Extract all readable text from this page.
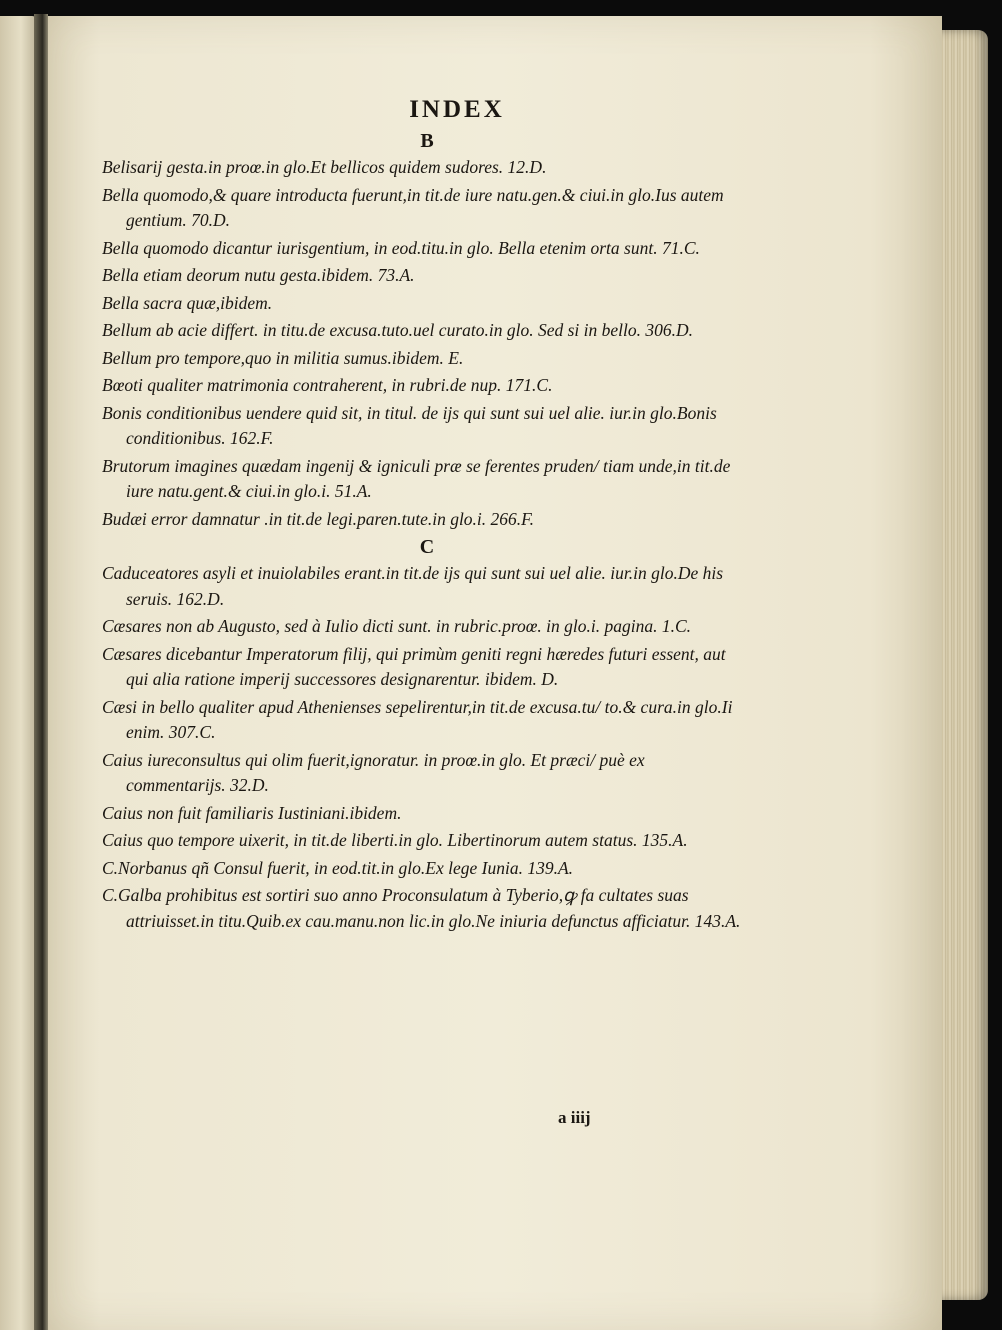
INDEX
B
Belisarij gesta.in proœ.in glo.Et bellicos quidem sudores. 12.D.
Bella quomodo,& quare introducta fuerunt,in tit.de iure natu.gen.& ciui.in glo.Ius autem gentium. 70.D.
Bella quomodo dicantur iurisgentium, in eod.titu.in glo. Bella etenim orta sunt. 71.C.
Bella etiam deorum nutu gesta.ibidem. 73.A.
Bella sacra quæ,ibidem.
Bellum ab acie differt. in titu.de excusa.tuto.uel curato.in glo. Sed si in bello. 306.D.
Bellum pro tempore,quo in militia sumus.ibidem. E.
Bœoti qualiter matrimonia contraherent, in rubri.de nup. 171.C.
Bonis conditionibus uendere quid sit, in titul. de ijs qui sunt sui uel alie. iur.in glo.Bonis conditionibus. 162.F.
Brutorum imagines quædam ingenij & igniculi præ se ferentes pruden/ tiam unde,in tit.de iure natu.gent.& ciui.in glo.i. 51.A.
Budæi error damnatur .in tit.de legi.paren.tute.in glo.i. 266.F.
C
Caduceatores asyli et inuiolabiles erant.in tit.de ijs qui sunt sui uel alie. iur.in glo.De his seruis. 162.D.
Cæsares non ab Augusto, sed à Iulio dicti sunt. in rubric.proœ. in glo.i. pagina. 1.C.
Cæsares dicebantur Imperatorum filij, qui primùm geniti regni hæredes futuri essent, aut qui alia ratione imperij successores designarentur. ibidem. D.
Cæsi in bello qualiter apud Athenienses sepelirentur,in tit.de excusa.tu/ to.& cura.in glo.Ii enim. 307.C.
Caius iureconsultus qui olim fuerit,ignoratur. in proœ.in glo. Et præci/ puè ex commentarijs. 32.D.
Caius non fuit familiaris Iustiniani.ibidem.
Caius quo tempore uixerit, in tit.de liberti.in glo. Libertinorum autem status. 135.A.
C.Norbanus qñ Consul fuerit, in eod.tit.in glo.Ex lege Iunia. 139.A.
C.Galba prohibitus est sortiri suo anno Proconsulatum à Tyberio,ꝙ fa cultates suas attriuisset.in titu.Quib.ex cau.manu.non lic.in glo.Ne iniuria defunctus afficiatur. 143.A.
a iiij
